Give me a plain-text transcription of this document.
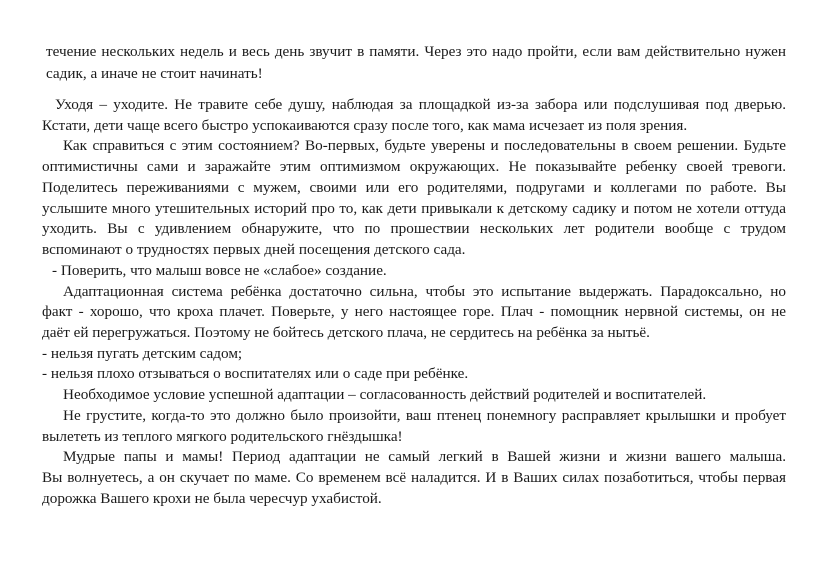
течение нескольких недель и весь день звучит в памяти. Через это надо пройти, если вам действительно нужен
садик, а иначе не стоит начинать!
Уходя – уходите. Не травите себе душу, наблюдая за площадкой из-за забора или подслушивая под дверью.
Кстати, дети чаще всего быстро успокаиваются сразу после того, как мама исчезает из поля зрения.
Как справиться с этим состоянием? Во-первых, будьте уверены и последовательны в своем решении. Будьте
оптимистичны сами и заражайте этим оптимизмом окружающих. Не показывайте ребенку своей тревоги.
Поделитесь переживаниями с мужем, своими или его родителями, подругами и коллегами по работе. Вы
услышите много утешительных историй про то, как дети привыкали к детскому садику и потом не хотели оттуда
уходить. Вы с удивлением обнаружите, что по прошествии нескольких лет родители вообще с трудом
вспоминают о трудностях первых дней посещения детского сада.
- Поверить, что малыш вовсе не «слабое» создание.
Адаптационная система ребёнка достаточно сильна, чтобы это испытание выдержать. Парадоксально, но
факт - хорошо, что кроха плачет. Поверьте, у него настоящее горе. Плач - помощник нервной системы, он не
даёт ей перегружаться. Поэтому не бойтесь детского плача, не сердитесь на ребёнка за нытьё.
- нельзя пугать детским садом;
- нельзя плохо отзываться о воспитателях или о саде при ребёнке.
Необходимое условие успешной адаптации – согласованность действий родителей и воспитателей.
Не грустите, когда-то это должно было произойти, ваш птенец понемногу расправляет крылышки и пробует
вылететь из теплого мягкого родительского гнёздышка!
Мудрые папы и мамы! Период адаптации не самый легкий в Вашей жизни и жизни вашего малыша.
Вы волнуетесь, а он скучает по маме. Со временем всё наладится. И в Ваших силах позаботиться, чтобы первая
дорожка Вашего крохи не была чересчур ухабистой.
